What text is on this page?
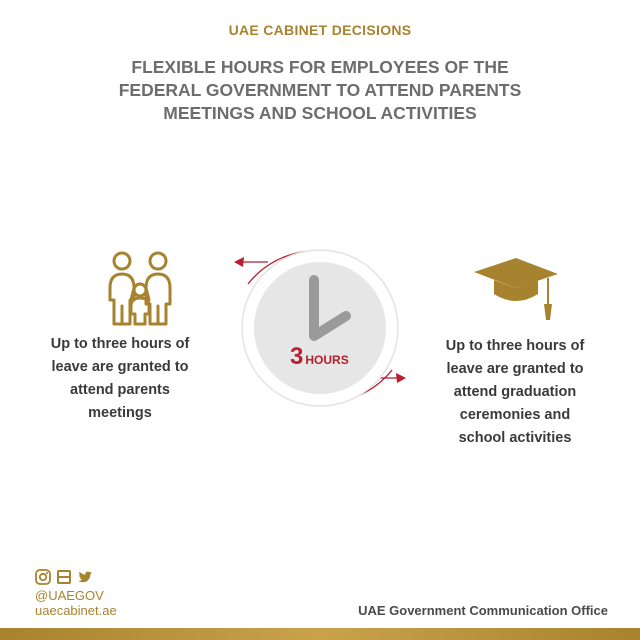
UAE CABINET DECISIONS
FLEXIBLE HOURS FOR EMPLOYEES OF THE
FEDERAL GOVERNMENT TO ATTEND PARENTS
MEETINGS AND SCHOOL ACTIVITIES
Up to three hours of
leave are granted to
attend parents
meetings
3 HOURS
Up to three hours of
leave are granted to
attend graduation
ceremonies and
school activities
@UAEGOV
uaecabinet.ae	UAE Government Communication Office
